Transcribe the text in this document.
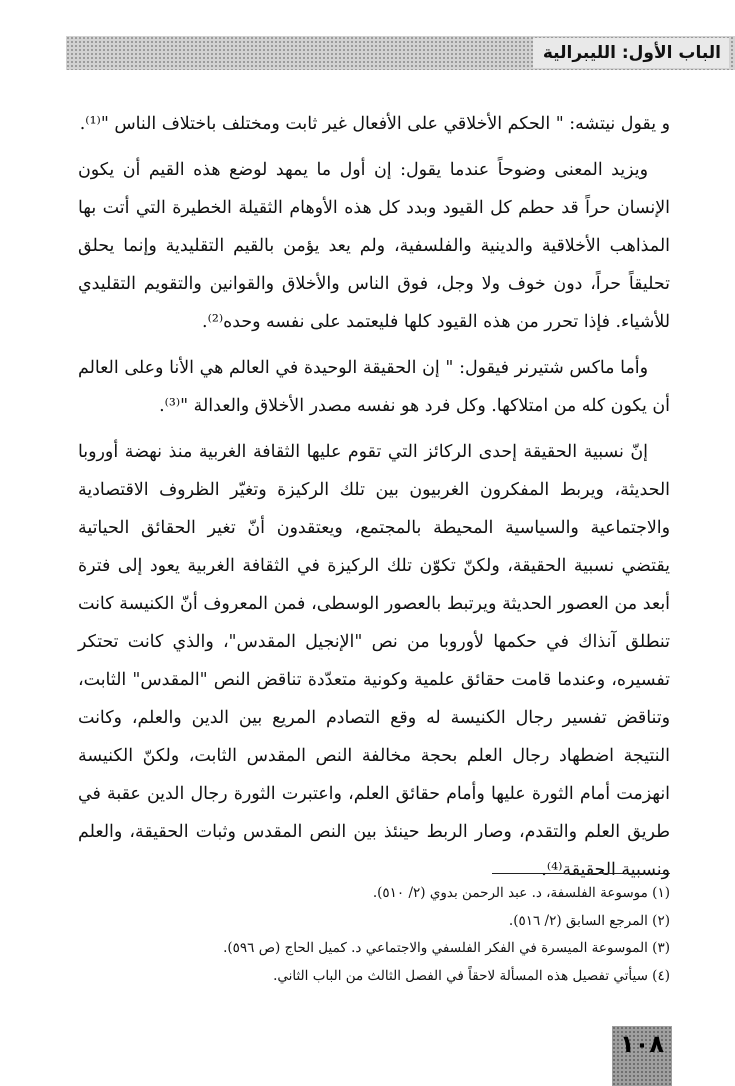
الباب الأول: الليبرالية

و يقول نيتشه: " الحكم الأخلاقي على الأفعال غير ثابت ومختلف باختلاف الناس "⁽¹⁾.

ويزيد المعنى وضوحاً عندما يقول: إن أول ما يمهد لوضع هذه القيم أن يكون الإنسان حراً قد حطم كل القيود وبدد كل هذه الأوهام الثقيلة الخطيرة التي أتت بها المذاهب الأخلاقية والدينية والفلسفية، ولم يعد يؤمن بالقيم التقليدية وإنما يحلق تحليقاً حراً، دون خوف ولا وجل، فوق الناس والأخلاق والقوانين والتقويم التقليدي للأشياء. فإذا تحرر من هذه القيود كلها فليعتمد على نفسه وحده⁽²⁾.

وأما ماكس شتيرنر فيقول: " إن الحقيقة الوحيدة في العالم هي الأنا وعلى العالم أن يكون كله من امتلاكها. وكل فرد هو نفسه مصدر الأخلاق والعدالة "⁽³⁾.

إنّ نسبية الحقيقة إحدى الركائز التي تقوم عليها الثقافة الغربية منذ نهضة أوروبا الحديثة، ويربط المفكرون الغربيون بين تلك الركيزة وتغيّر الظروف الاقتصادية والاجتماعية والسياسية المحيطة بالمجتمع، ويعتقدون أنّ تغير الحقائق الحياتية يقتضي نسبية الحقيقة، ولكنّ تكوّن تلك الركيزة في الثقافة الغربية يعود إلى فترة أبعد من العصور الحديثة ويرتبط بالعصور الوسطى، فمن المعروف أنّ الكنيسة كانت تنطلق آنذاك في حكمها لأوروبا من نص "الإنجيل المقدس"، والذي كانت تحتكر تفسيره، وعندما قامت حقائق علمية وكونية متعدّدة تناقض النص "المقدس" الثابت، وتناقض تفسير رجال الكنيسة له وقع التصادم المريع بين الدين والعلم، وكانت النتيجة اضطهاد رجال العلم بحجة مخالفة النص المقدس الثابت، ولكنّ الكنيسة انهزمت أمام الثورة عليها وأمام حقائق العلم، واعتبرت الثورة رجال الدين عقبة في طريق العلم والتقدم، وصار الربط حينئذ بين النص المقدس وثبات الحقيقة، والعلم ونسبية الحقيقة⁽⁴⁾.

(١) موسوعة الفلسفة، د. عبد الرحمن بدوي (٢/ ٥١٠).

(٢) المرجع السابق (٢/ ٥١٦).

(٣) الموسوعة الميسرة في الفكر الفلسفي والاجتماعي د. كميل الحاج (ص ٥٩٦).

(٤) سيأتي تفصيل هذه المسألة لاحقاً في الفصل الثالث من الباب الثاني.

١٠٨
